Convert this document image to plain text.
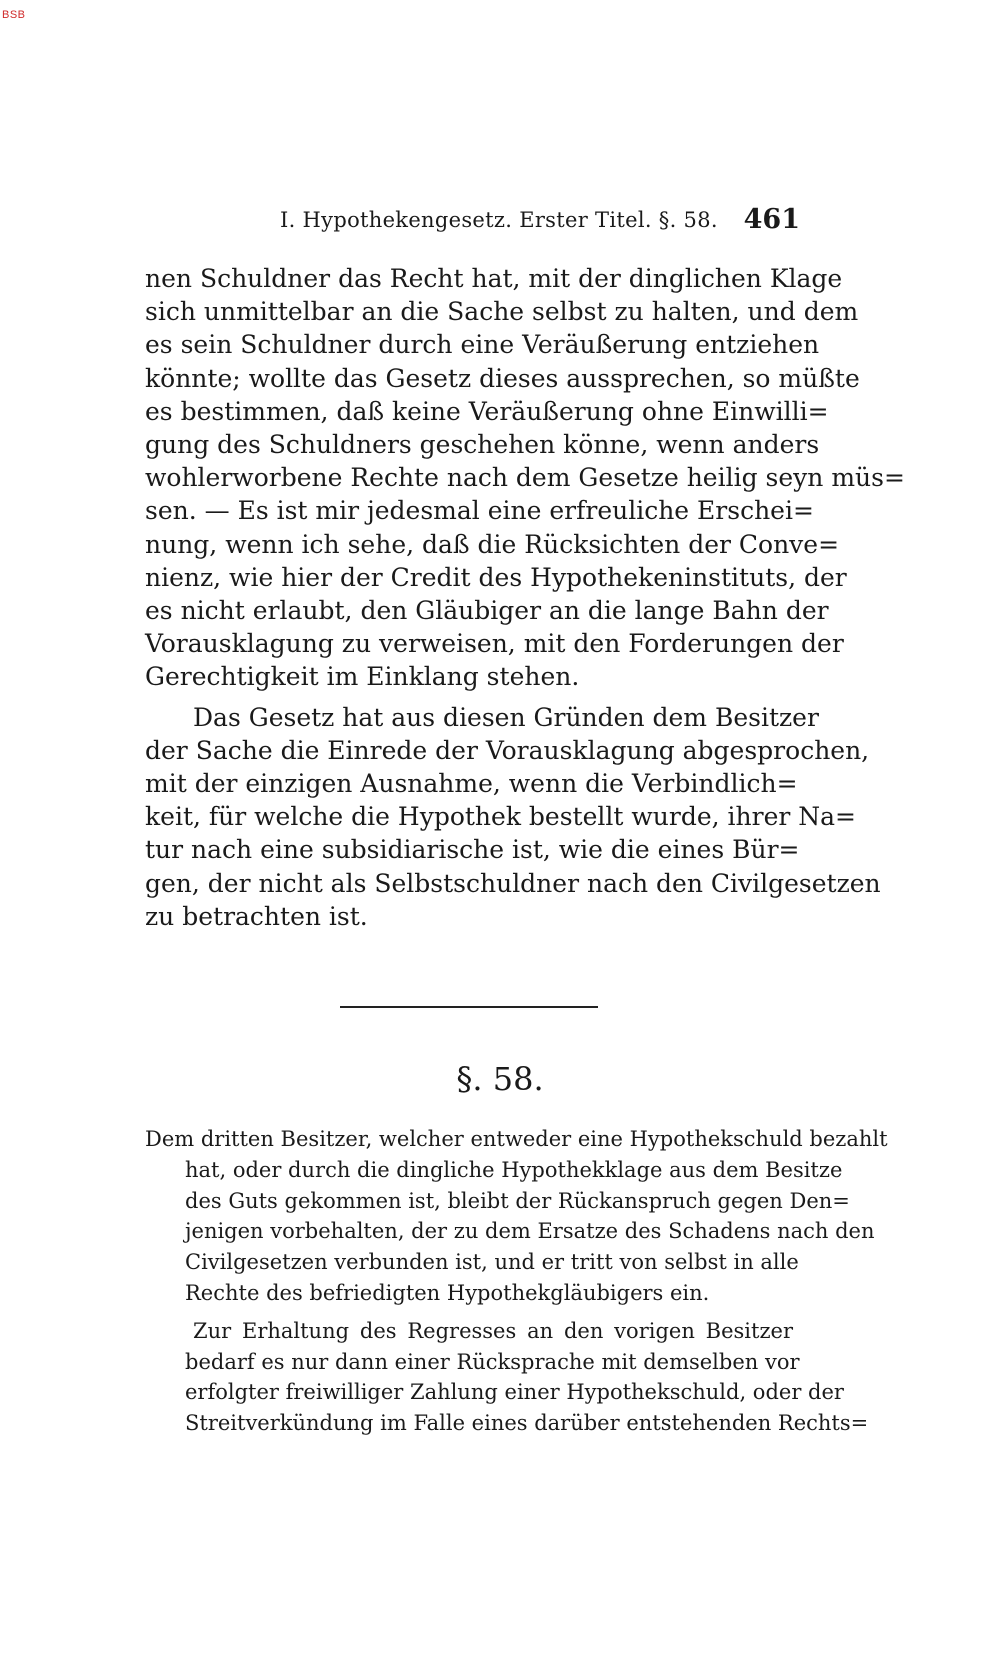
BSB
I. Hypothekengesetz. Erster Titel. §. 58. 461
nen Schuldner das Recht hat, mit der dinglichen Klage
sich unmittelbar an die Sache selbst zu halten, und dem
es sein Schuldner durch eine Veräußerung entziehen
könnte; wollte das Gesetz dieses aussprechen, so müßte
es bestimmen, daß keine Veräußerung ohne Einwilli=
gung des Schuldners geschehen könne, wenn anders
wohlerworbene Rechte nach dem Gesetze heilig seyn müs=
sen. — Es ist mir jedesmal eine erfreuliche Erschei=
nung, wenn ich sehe, daß die Rücksichten der Conve=
nienz, wie hier der Credit des Hypothekeninstituts, der
es nicht erlaubt, den Gläubiger an die lange Bahn der
Vorausklagung zu verweisen, mit den Forderungen der
Gerechtigkeit im Einklang stehen.
Das Gesetz hat aus diesen Gründen dem Besitzer
der Sache die Einrede der Vorausklagung abgesprochen,
mit der einzigen Ausnahme, wenn die Verbindlich=
keit, für welche die Hypothek bestellt wurde, ihrer Na=
tur nach eine subsidiarische ist, wie die eines Bür=
gen, der nicht als Selbstschuldner nach den Civilgesetzen
zu betrachten ist.
§. 58.
Dem dritten Besitzer, welcher entweder eine Hypothekschuld bezahlt
hat, oder durch die dingliche Hypothekklage aus dem Besitze
des Guts gekommen ist, bleibt der Rückanspruch gegen Den=
jenigen vorbehalten, der zu dem Ersatze des Schadens nach den
Civilgesetzen verbunden ist, und er tritt von selbst in alle
Rechte des befriedigten Hypothekgläubigers ein.
Zur Erhaltung des Regresses an den vorigen Besitzer
bedarf es nur dann einer Rücksprache mit demselben vor
erfolgter freiwilliger Zahlung einer Hypothekschuld, oder der
Streitverkündung im Falle eines darüber entstehenden Rechts=
